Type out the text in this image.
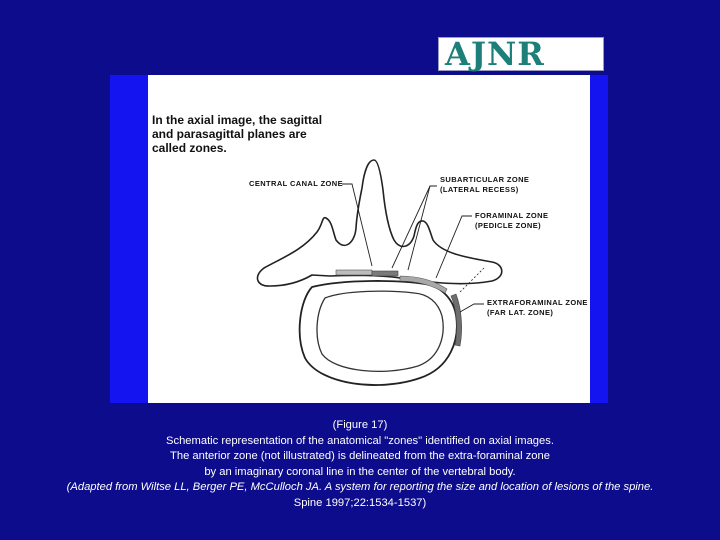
AJNR
In the axial image, the sagittal
and parasagittal planes are
called zones.
CENTRAL CANAL ZONE	SUBARTICULAR ZONE
(LATERAL RECESS)
FORAMINAL ZONE
(PEDICLE ZONE)
EXTRAFORAMINAL ZONE
(FAR LAT. ZONE)
(Figure 17)
Schematic representation of the anatomical "zones" identified on axial images.
The anterior zone (not illustrated) is delineated from the extra-foraminal zone
by an imaginary coronal line in the center of the vertebral body.
(Adapted from Wiltse LL, Berger PE, McCulloch JA. A system for reporting the size and location of lesions of the spine.
Spine 1997;22:1534-1537)
